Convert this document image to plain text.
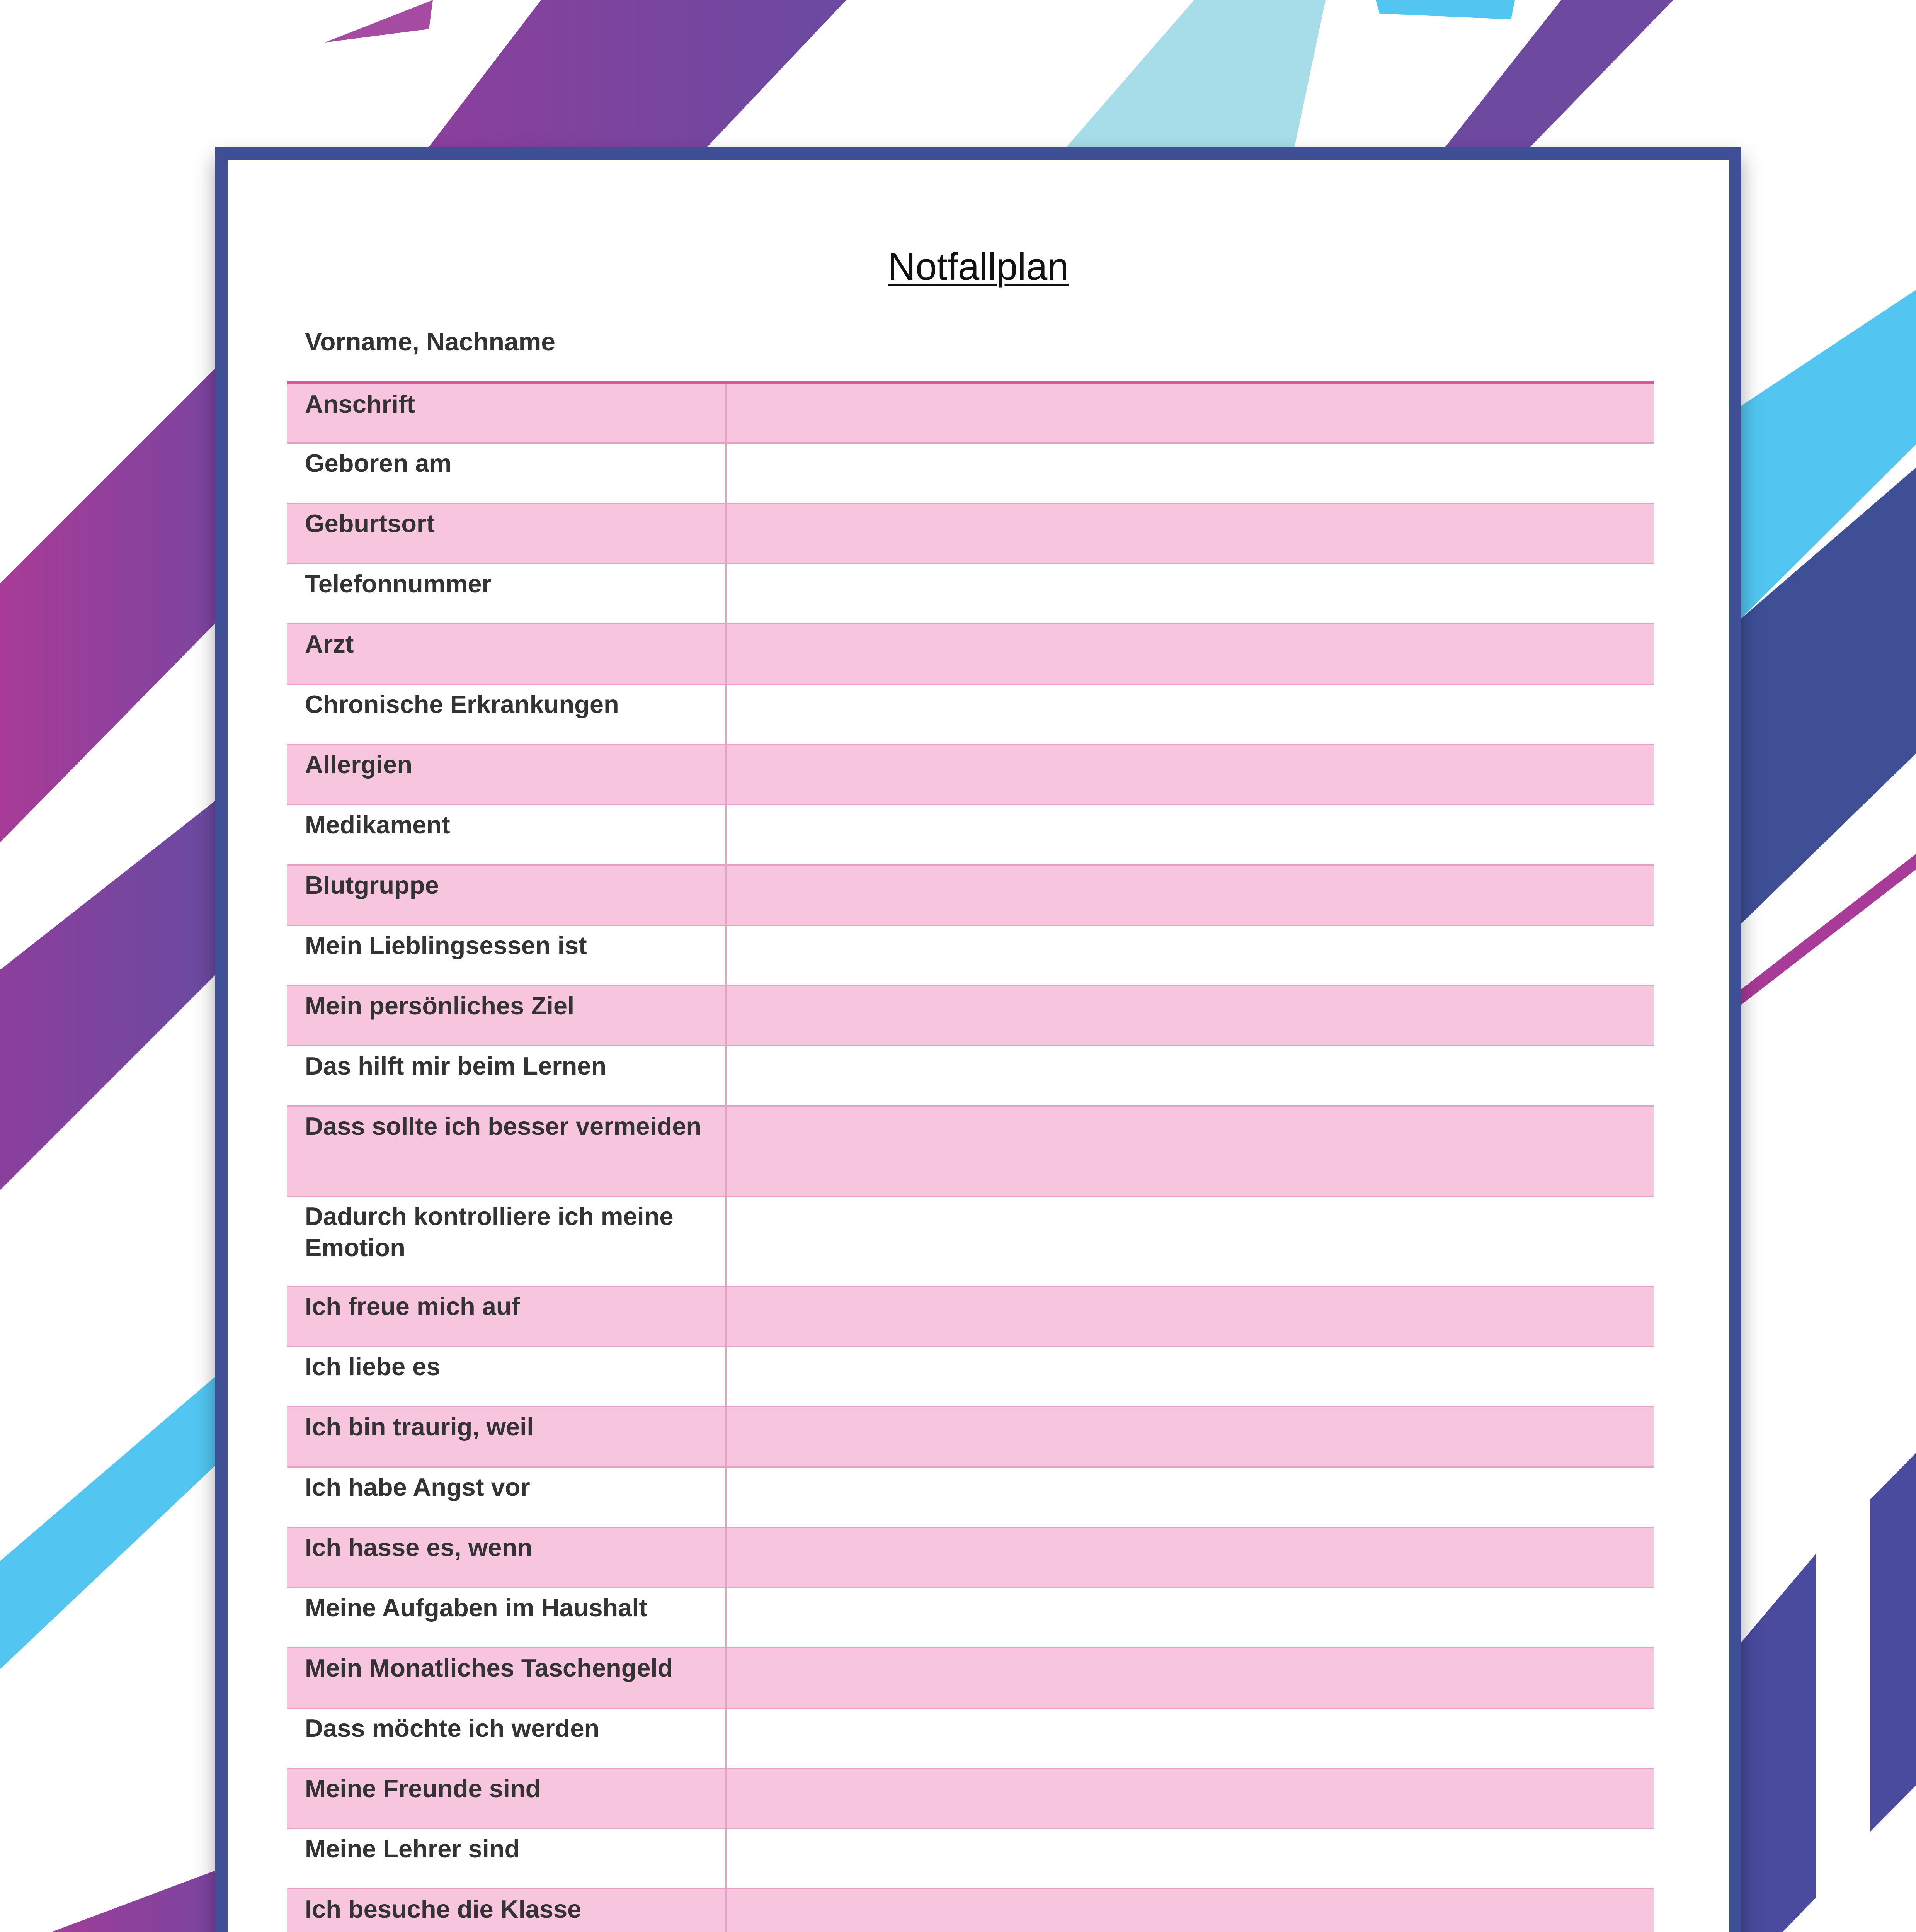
Notfallplan
Vorname, Nachname
Anschrift	
Geboren am	
Geburtsort	
Telefonnummer	
Arzt	
Chronische Erkrankungen	
Allergien	
Medikament	
Blutgruppe	
Mein Lieblingsessen ist	
Mein persönliches Ziel	
Das hilft mir beim Lernen	
Dass sollte ich besser vermeiden	
Dadurch kontrolliere ich meine Emotion	
Ich freue mich auf	
Ich liebe es	
Ich bin traurig, weil	
Ich habe Angst vor	
Ich hasse es, wenn	
Meine Aufgaben im Haushalt	
Mein Monatliches Taschengeld	
Dass möchte ich werden	
Meine Freunde sind	
Meine Lehrer sind	
Ich besuche die Klasse	
